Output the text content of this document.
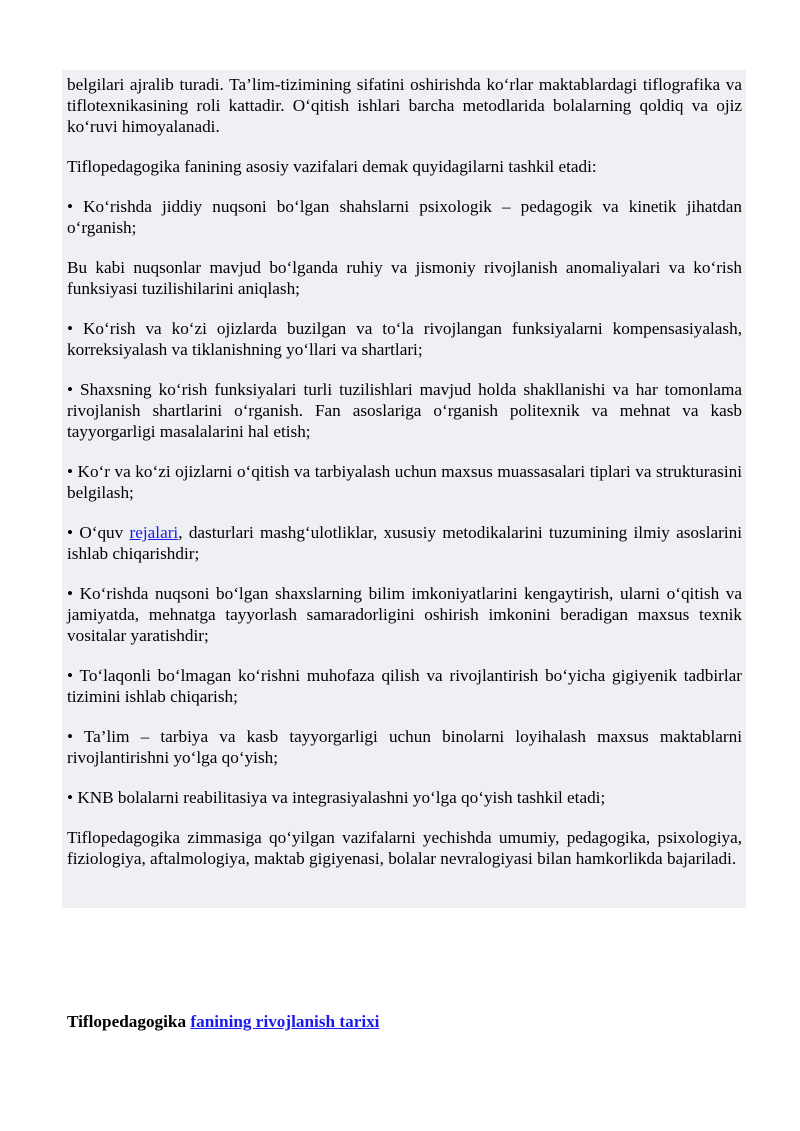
belgilari ajralib turadi. Ta’lim-tizimining sifatini oshirishda ko‘rlar maktablardagi tiflografika va tiflotexnikasining roli kattadir. O‘qitish ishlari barcha metodlarida bolalarning qoldiq va ojiz ko‘ruvi himoyalanadi.

Tiflopedagogika fanining asosiy vazifalari demak quyidagilarni tashkil etadi:

• Ko‘rishda jiddiy nuqsoni bo‘lgan shahslarni psixologik – pedagogik va kinetik jihatdan o‘rganish;

Bu kabi nuqsonlar mavjud bo‘lganda ruhiy va jismoniy rivojlanish anomaliyalari va ko‘rish funksiyasi tuzilishilarini aniqlash;

• Ko‘rish va ko‘zi ojizlarda buzilgan va to‘la rivojlangan funksiyalarni kompensasiyalash, korreksiyalash va tiklanishning yo‘llari va shartlari;

• Shaxsning ko‘rish funksiyalari turli tuzilishlari mavjud holda shakllanishi va har tomonlama rivojlanish shartlarini o‘rganish. Fan asoslariga o‘rganish politexnik va mehnat va kasb tayyorgarligi masalalarini hal etish;

• Ko‘r va ko‘zi ojizlarni o‘qitish va tarbiyalash uchun maxsus muassasalari tiplari va strukturasini belgilash;

• O‘quv rejalari, dasturlari mashg‘ulotliklar, xususiy metodikalarini tuzumining ilmiy asoslarini ishlab chiqarishdir;

• Ko‘rishda nuqsoni bo‘lgan shaxslarning bilim imkoniyatlarini kengaytirish, ularni o‘qitish va jamiyatda, mehnatga tayyorlash samaradorligini oshirish imkonini beradigan maxsus texnik vositalar yaratishdir;

• To‘laqonli bo‘lmagan ko‘rishni muhofaza qilish va rivojlantirish bo‘yicha gigiyenik tadbirlar tizimini ishlab chiqarish;

• Ta’lim – tarbiya va kasb tayyorgarligi uchun binolarni loyihalash maxsus maktablarni rivojlantirishni yo‘lga qo‘yish;

• KNB bolalarni reabilitasiya va integrasiyalashni yo‘lga qo‘yish tashkil etadi;

Tiflopedagogika zimmasiga qo‘yilgan vazifalarni yechishda umumiy, pedagogika, psixologiya, fiziologiya, aftalmologiya, maktab gigiyenasi, bolalar nevralogiyasi bilan hamkorlikda bajariladi.

Tiflopedagogika fanining rivojlanish tarixi
